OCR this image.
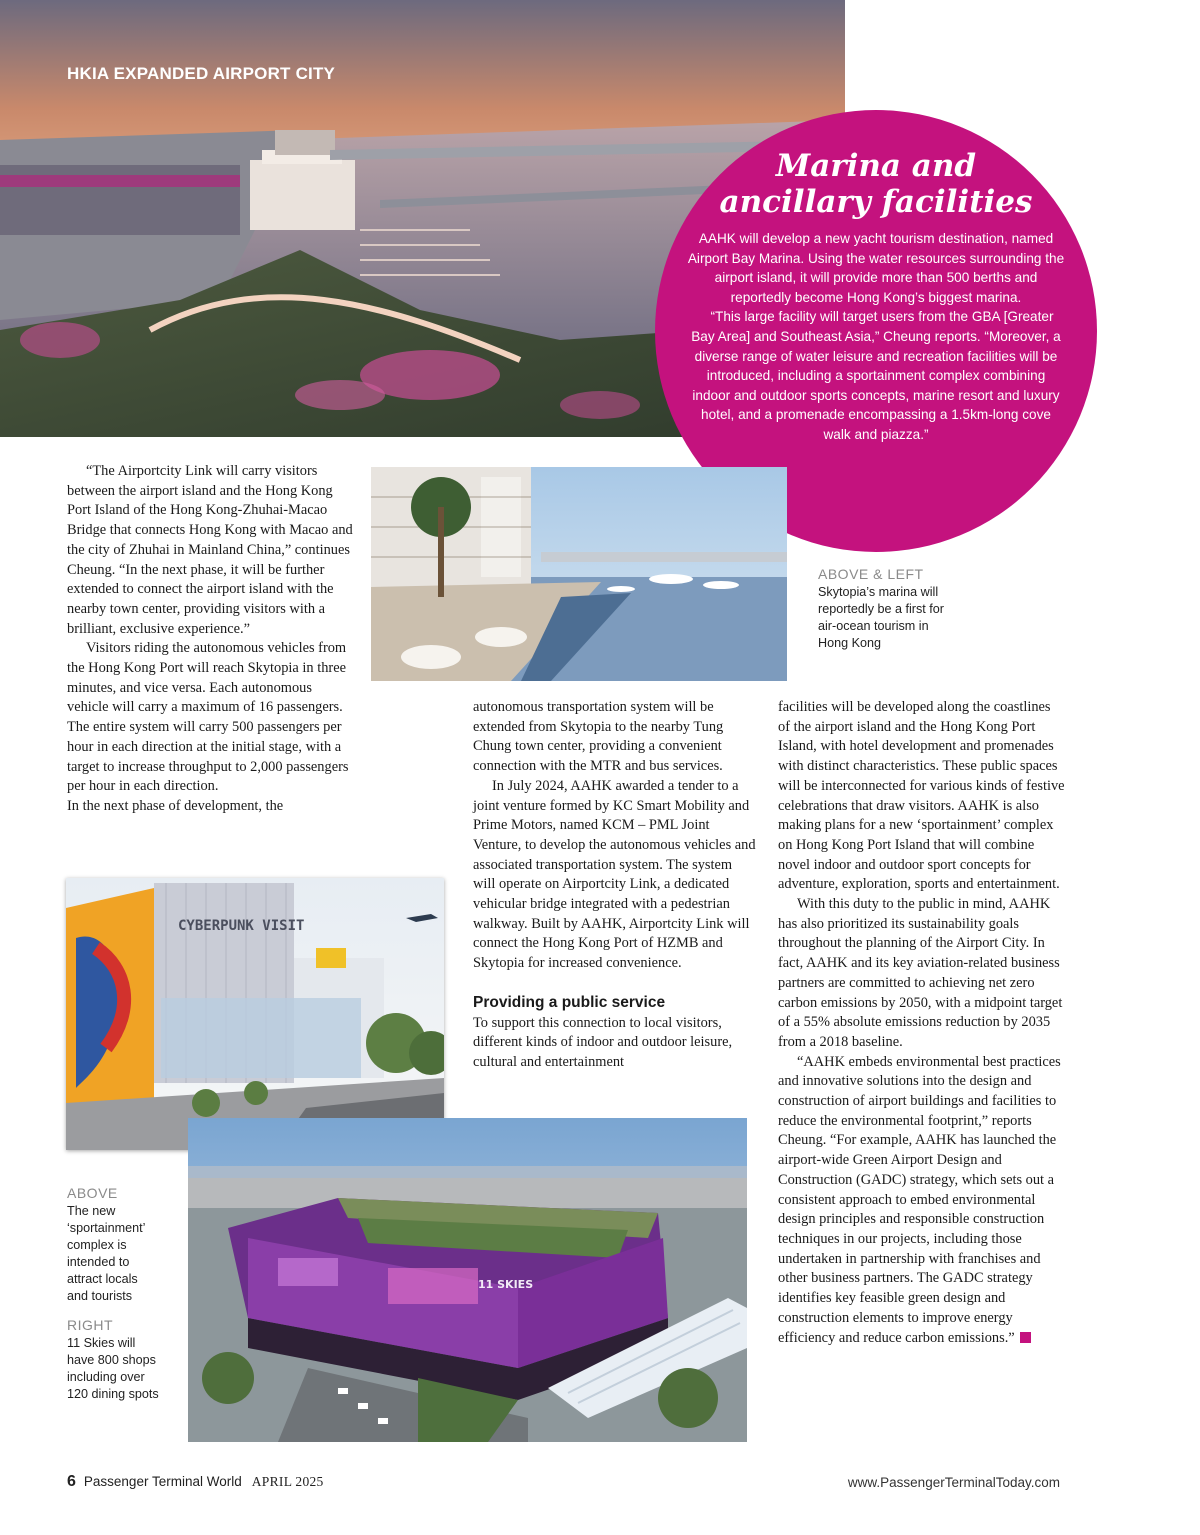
HKIA EXPANDED AIRPORT CITY
Marina and
ancillary facilities

AAHK will develop a new yacht tourism destination, named Airport Bay Marina. Using the water resources surrounding the airport island, it will provide more than 500 berths and reportedly become Hong Kong’s biggest marina.

“This large facility will target users from the GBA [Greater Bay Area] and Southeast Asia,” Cheung reports. “Moreover, a diverse range of water leisure and recreation facilities will be introduced, including a sportainment complex combining indoor and outdoor sports concepts, marine resort and luxury hotel, and a promenade encompassing a 1.5km-long cove walk and piazza.”

“The Airportcity Link will carry visitors between the airport island and the Hong Kong Port Island of the Hong Kong-Zhuhai-Macao Bridge that connects Hong Kong with Macao and the city of Zhuhai in Mainland China,” continues Cheung. “In the next phase, it will be further extended to connect the airport island with the nearby town center, providing visitors with a brilliant, exclusive experience.”

Visitors riding the autonomous vehicles from the Hong Kong Port will reach Skytopia in three minutes, and vice versa. Each autonomous vehicle will carry a maximum of 16 passengers. The entire system will carry 500 passengers per hour in each direction at the initial stage, with a target to increase throughput to 2,000 passengers per hour in each direction.

In the next phase of development, the

ABOVE & LEFT
Skytopia’s marina will reportedly be a first for air-ocean tourism in Hong Kong

autonomous transportation system will be extended from Skytopia to the nearby Tung Chung town center, providing a convenient connection with the MTR and bus services.

In July 2024, AAHK awarded a tender to a joint venture formed by KC Smart Mobility and Prime Motors, named KCM – PML Joint Venture, to develop the autonomous vehicles and associated transportation system. The system will operate on Airportcity Link, a dedicated vehicular bridge integrated with a pedestrian walkway. Built by AAHK, Airportcity Link will connect the Hong Kong Port of HZMB and Skytopia for increased convenience.

Providing a public service

To support this connection to local visitors, different kinds of indoor and outdoor leisure, cultural and entertainment

facilities will be developed along the coastlines of the airport island and the Hong Kong Port Island, with hotel development and promenades with distinct characteristics. These public spaces will be interconnected for various kinds of festive celebrations that draw visitors. AAHK is also making plans for a new ‘sportainment’ complex on Hong Kong Port Island that will combine novel indoor and outdoor sport concepts for adventure, exploration, sports and entertainment.

With this duty to the public in mind, AAHK has also prioritized its sustainability goals throughout the planning of the Airport City. In fact, AAHK and its key aviation-related business partners are committed to achieving net zero carbon emissions by 2050, with a midpoint target of a 55% absolute emissions reduction by 2035 from a 2018 baseline.

“AAHK embeds environmental best practices and innovative solutions into the design and construction of airport buildings and facilities to reduce the environmental footprint,” reports Cheung. “For example, AAHK has launched the airport-wide Green Airport Design and Construction (GADC) strategy, which sets out a consistent approach to embed environmental design principles and responsible construction techniques in our projects, including those undertaken in partnership with franchises and other business partners. The GADC strategy identifies key feasible green design and construction elements to improve energy efficiency and reduce carbon emissions.”

CYBERPUNK VISIT
11 SKIES
ABOVE
The new ‘sportainment’ complex is intended to attract locals and tourists
RIGHT
11 Skies will have 800 shops including over 120 dining spots
6 Passenger Terminal World APRIL 2025	www.PassengerTerminalToday.com
